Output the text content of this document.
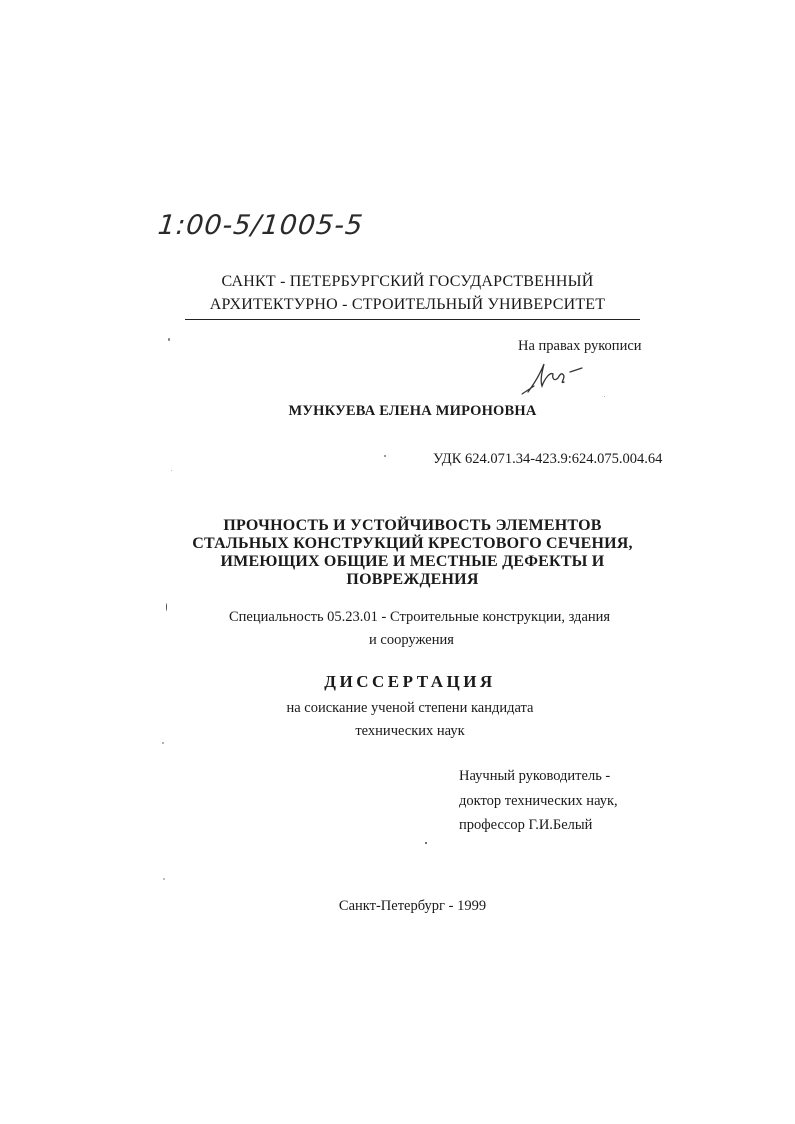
1:00-5/1005-5
САНКТ - ПЕТЕРБУРГСКИЙ ГОСУДАРСТВЕННЫЙ
АРХИТЕКТУРНО - СТРОИТЕЛЬНЫЙ УНИВЕРСИТЕТ
На правах рукописи
МУНКУЕВА ЕЛЕНА МИРОНОВНА
УДК 624.071.34-423.9:624.075.004.64
ПРОЧНОСТЬ И УСТОЙЧИВОСТЬ ЭЛЕМЕНТОВ
СТАЛЬНЫХ КОНСТРУКЦИЙ КРЕСТОВОГО СЕЧЕНИЯ,
ИМЕЮЩИХ ОБЩИЕ И МЕСТНЫЕ ДЕФЕКТЫ И
ПОВРЕЖДЕНИЯ
Специальность 05.23.01 - Строительные конструкции, здания
и сооружения
ДИССЕРТАЦИЯ
на соискание ученой степени кандидата
технических наук
Научный руководитель -
доктор технических наук,
профессор Г.И.Белый
Санкт-Петербург - 1999
